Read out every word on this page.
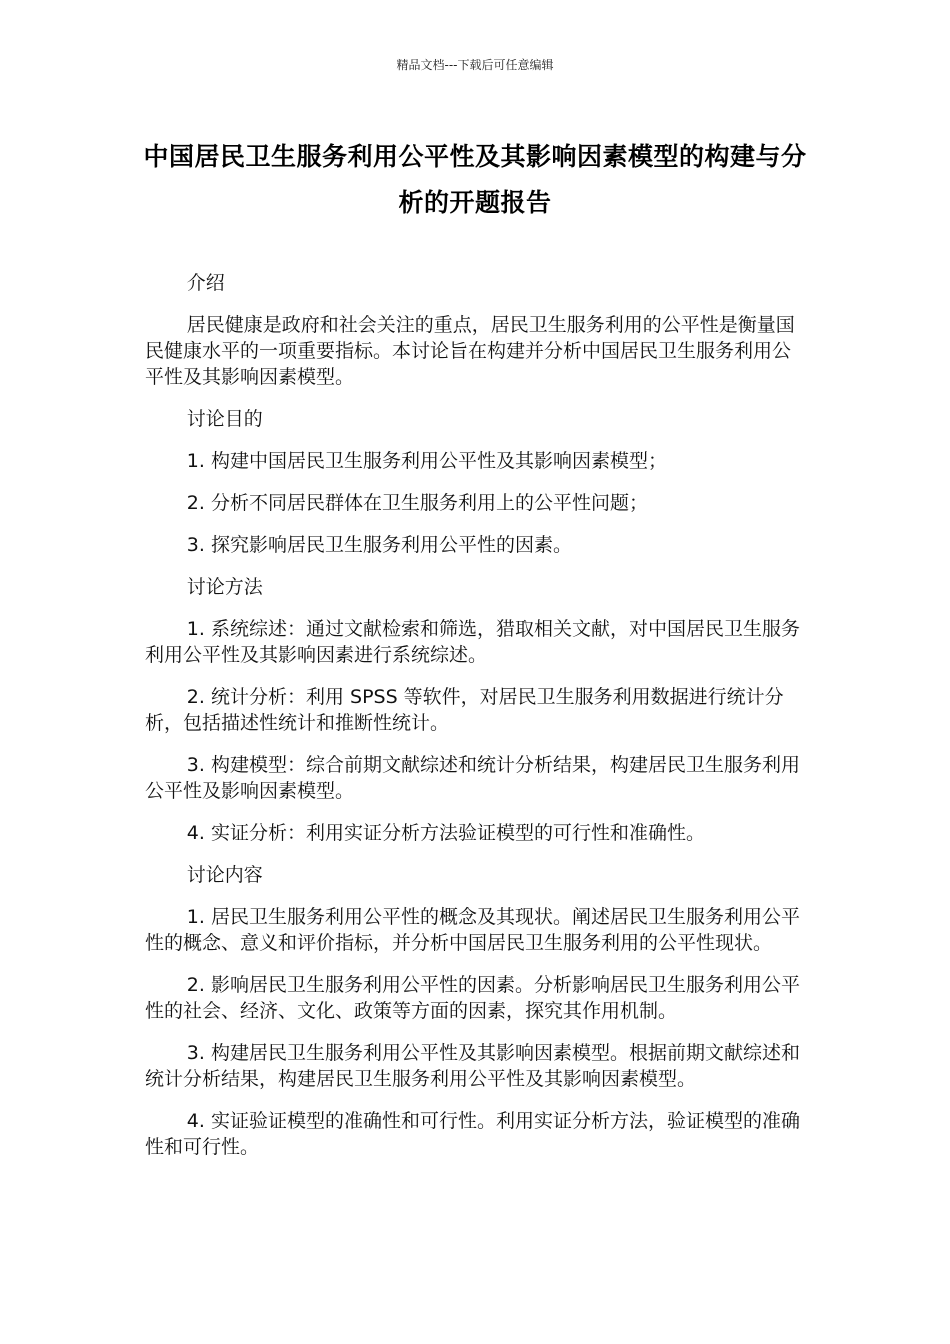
精品文档---下载后可任意编辑
中国居民卫生服务利用公平性及其影响因素模型的构建与分析的开题报告

介绍

居民健康是政府和社会关注的重点，居民卫生服务利用的公平性是衡量国民健康水平的一项重要指标。本讨论旨在构建并分析中国居民卫生服务利用公平性及其影响因素模型。

讨论目的

1. 构建中国居民卫生服务利用公平性及其影响因素模型；

2. 分析不同居民群体在卫生服务利用上的公平性问题；

3. 探究影响居民卫生服务利用公平性的因素。

讨论方法

1. 系统综述：通过文献检索和筛选，猎取相关文献，对中国居民卫生服务利用公平性及其影响因素进行系统综述。

2. 统计分析：利用 SPSS 等软件，对居民卫生服务利用数据进行统计分析，包括描述性统计和推断性统计。

3. 构建模型：综合前期文献综述和统计分析结果，构建居民卫生服务利用公平性及影响因素模型。

4. 实证分析：利用实证分析方法验证模型的可行性和准确性。

讨论内容

1. 居民卫生服务利用公平性的概念及其现状。阐述居民卫生服务利用公平性的概念、意义和评价指标，并分析中国居民卫生服务利用的公平性现状。

2. 影响居民卫生服务利用公平性的因素。分析影响居民卫生服务利用公平性的社会、经济、文化、政策等方面的因素，探究其作用机制。

3. 构建居民卫生服务利用公平性及其影响因素模型。根据前期文献综述和统计分析结果，构建居民卫生服务利用公平性及其影响因素模型。

4. 实证验证模型的准确性和可行性。利用实证分析方法，验证模型的准确性和可行性。
